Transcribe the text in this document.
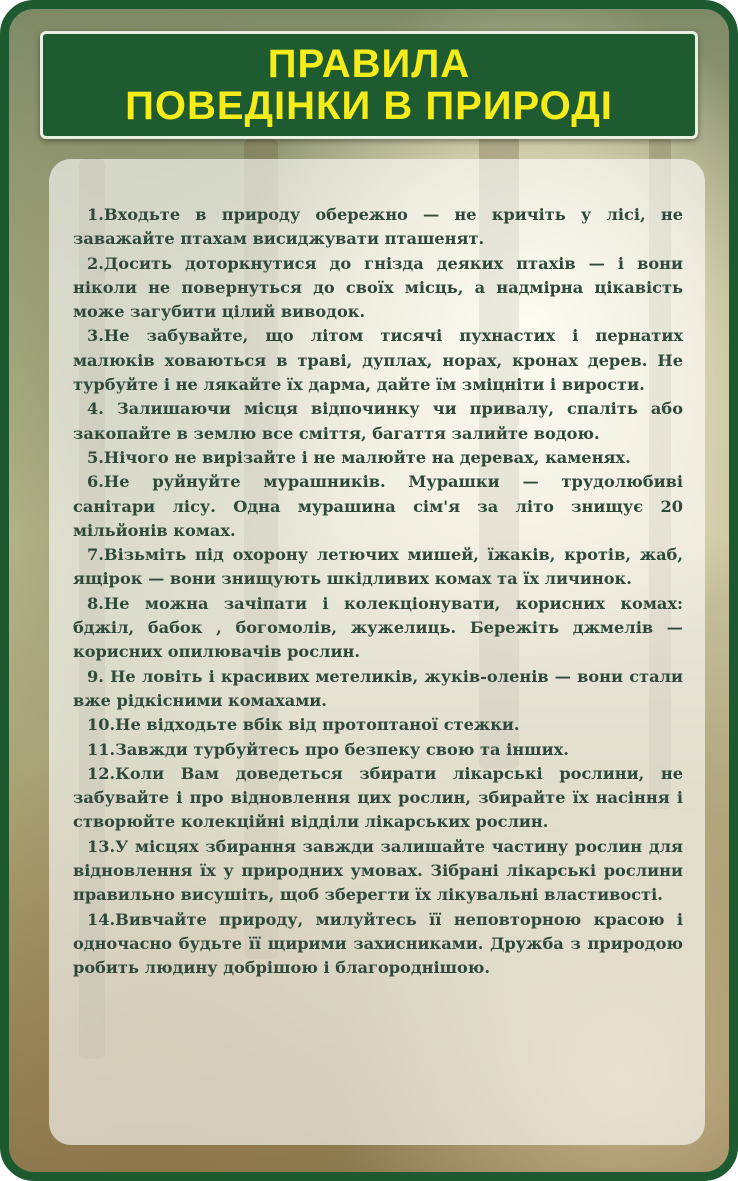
ПРАВИЛА
ПОВЕДІНКИ В ПРИРОДІ

1.Входьте в природу обережно — не кричіть у лісі, не заважайте птахам висиджувати пташенят.

2.Досить доторкнутися до гнізда деяких птахів — і вони ніколи не повернуться до своїх місць, а надмірна цікавість може загубити цілий виводок.

3.Не забувайте, що літом тисячі пухнастих і пернатих малюків ховаються в траві, дуплах, норах, кронах дерев. Не турбуйте і не лякайте їх дарма, дайте їм зміцніти і вирости.

4. Залишаючи місця відпочинку чи привалу, спаліть або закопайте в землю все сміття, багаття залийте водою.

5.Нічого не вирізайте і не малюйте на деревах, каменях.

6.Не руйнуйте мурашників. Мурашки — трудолюбиві санітари лісу. Одна мурашина сім'я за літо знищує 20 мільйонів комах.

7.Візьміть під охорону летючих мишей, їжаків, кротів, жаб, ящірок — вони знищують шкідливих комах та їх личинок.

8.Не можна зачіпати і колекціонувати, корисних комах: бджіл, бабок , богомолів, жужелиць. Бережіть джмелів — корисних опилювачів рослин.

9. Не ловіть і красивих метеликів, жуків-оленів — вони стали вже рідкісними комахами.

10.Не відходьте вбік від протоптаної стежки.

11.Завжди турбуйтесь про безпеку свою та інших.

12.Коли Вам доведеться збирати лікарські рослини, не забувайте і про відновлення цих рослин, збирайте їх насіння і створюйте колекційні відділи лікарських рослин.

13.У місцях збирання завжди залишайте частину рослин для відновлення їх у природних умовах. Зібрані лікарські рослини правильно висушіть, щоб зберегти їх лікувальні властивості.

14.Вивчайте природу, милуйтесь її неповторною красою і одночасно будьте її щирими захисниками. Дружба з природою робить людину добрішою і благороднішою.
